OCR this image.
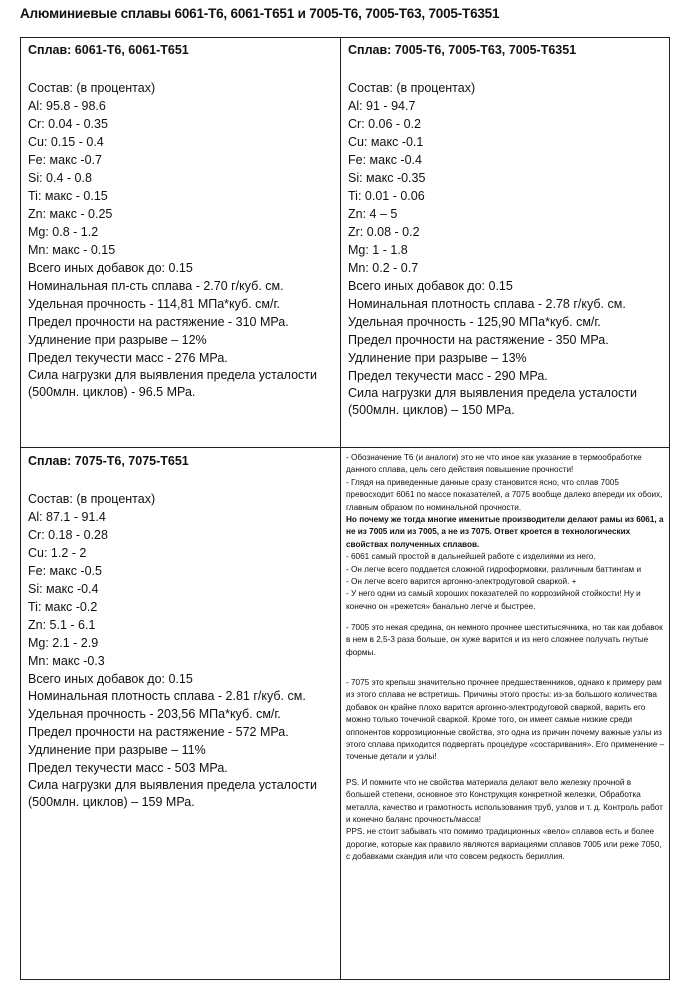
Алюминиевые сплавы 6061-Т6, 6061-Т651 и 7005-Т6, 7005-Т63, 7005-Т6351
Сплав: 6061-Т6, 6061-Т651
Состав: (в процентах)
Al: 95.8 - 98.6
Cr: 0.04 - 0.35
Cu: 0.15 - 0.4
Fe: макс -0.7
Si: 0.4 - 0.8
Ti: макс - 0.15
Zn: макс - 0.25
Mg: 0.8 - 1.2
Mn: макс - 0.15
Всего иных добавок до: 0.15
Номинальная пл-сть сплава - 2.70 г/куб. см.
Удельная прочность - 114,81 МПа*куб. см/г.
Предел прочности на растяжение - 310 МРа.
Удлинение при разрыве – 12%
Предел текучести масс - 276 МРа.
Сила нагрузки для выявления предела усталости (500млн. циклов) - 96.5 МРа.
Сплав: 7005-Т6, 7005-Т63, 7005-Т6351
Состав: (в процентах)
Al: 91 - 94.7
Cr: 0.06 - 0.2
Cu: макс -0.1
Fe: макс -0.4
Si: макс -0.35
Ti: 0.01 - 0.06
Zn: 4 – 5
Zr: 0.08 - 0.2
Mg: 1 - 1.8
Mn: 0.2 - 0.7
Всего иных добавок до: 0.15
Номинальная плотность сплава - 2.78 г/куб. см.
Удельная прочность - 125,90 МПа*куб. см/г.
Предел прочности на растяжение - 350 МРа.
Удлинение при разрыве – 13%
Предел текучести масс - 290 МРа.
Сила нагрузки для выявления предела усталости (500млн. циклов) – 150 МРа.
Сплав: 7075-Т6, 7075-Т651
Состав: (в процентах)
Al: 87.1 - 91.4
Cr: 0.18 - 0.28
Cu: 1.2 - 2
Fe: макс -0.5
Si: макс -0.4
Ti: макс -0.2
Zn: 5.1 - 6.1
Mg: 2.1 - 2.9
Mn: макс -0.3
Всего иных добавок до: 0.15
Номинальная плотность сплава - 2.81 г/куб. см.
Удельная прочность - 203,56 МПа*куб. см/г.
Предел прочности на растяжение - 572 МРа.
Удлинение при разрыве – 11%
Предел текучести масс - 503 МРа.
Сила нагрузки для выявления предела усталости (500млн. циклов) – 159 МРа.

- Обозначение Т6 (и аналоги) это не что иное как указание в термообработке данного сплава, цель сего действия повышение прочности!

- Глядя на приведенные данные сразу становится ясно, что сплав 7005 превосходит 6061 по массе показателей, а 7075 вообще далеко впереди их обоих, главным образом по номинальной прочности.

Но почему же тогда многие именитые производители делают рамы из 6061, а не из 7005 или из 7005, а не из 7075. Ответ кроется в технологических свойствах полученных сплавов.

- 6061 самый простой в дальнейшей работе с изделиями из него.

- Он легче всего поддается сложной гидроформовки, различным баттингам и

- Он легче всего варится аргонно-электродуговой сваркой. +

- У него одни из самый хороших показателей по коррозийной стойкости! Ну и конечно он «режется» банально легче и быстрее.

- 7005 это некая средина, он немного прочнее шеститысячника, но так как добавок в нем в 2,5-3 раза больше, он хуже варится и из него сложнее получать гнутые формы.

- 7075 это крепыш значительно прочнее предшественников, однако к примеру рам из этого сплава не встретишь. Причины этого просты: из-за большого количества добавок он крайне плохо варится аргонно-электродуговой сваркой, варить его можно только точечной сваркой. Кроме того, он имеет самые низкие среди оппонентов коррозиционные свойства, это одна из причин почему важные узлы из этого сплава приходится подвергать процедуре «состаривания». Его применение – точеные детали и узлы!

PS. И помните что не свойства материала делают вело железку прочной в большей степени, основное это Конструкция конкретной железки, Обработка металла, качество и грамотность использования труб, узлов и т. д. Контроль работ и конечно баланс прочность/масса!

PPS. не стоит забывать что помимо традиционных «вело» сплавов есть и более дорогие, которые как правило являются вариациями сплавов 7005 или реже 7050, с добавками скандия или что совсем редкость бериллия.
